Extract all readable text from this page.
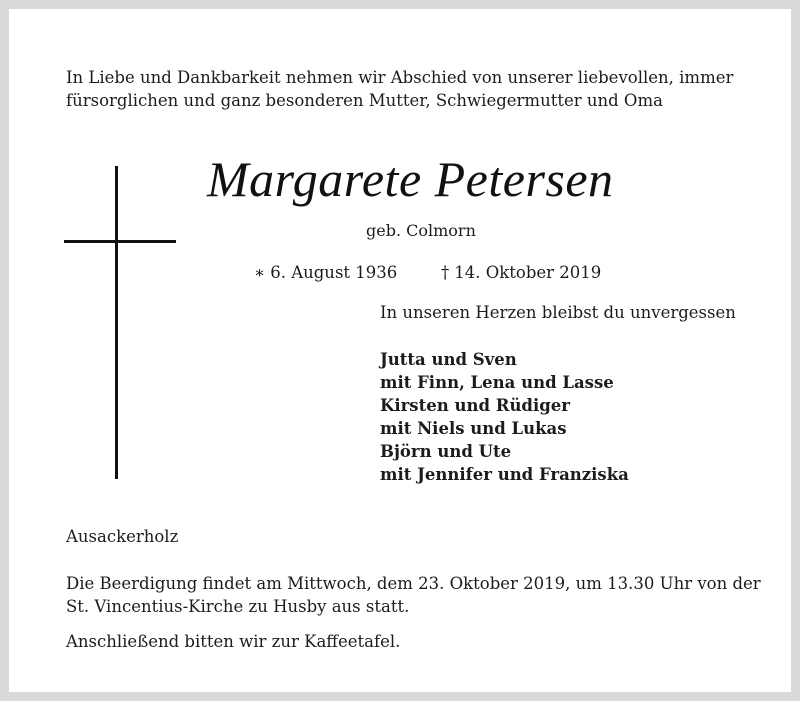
In Liebe und Dankbarkeit nehmen wir Abschied von unserer liebevollen, immer
fürsorglichen und ganz besonderen Mutter, Schwiegermutter und Oma
Margarete Petersen
geb. Colmorn
∗ 6. August 1936	† 14. Oktober 2019
In unseren Herzen bleibst du unvergessen
Jutta und Sven
mit Finn, Lena und Lasse
Kirsten und Rüdiger
mit Niels und Lukas
Björn und Ute
mit Jennifer und Franziska
Ausackerholz
Die Beerdigung findet am Mittwoch, dem 23. Oktober 2019, um 13.30 Uhr von der
St. Vincentius-Kirche zu Husby aus statt.
Anschließend bitten wir zur Kaffeetafel.
